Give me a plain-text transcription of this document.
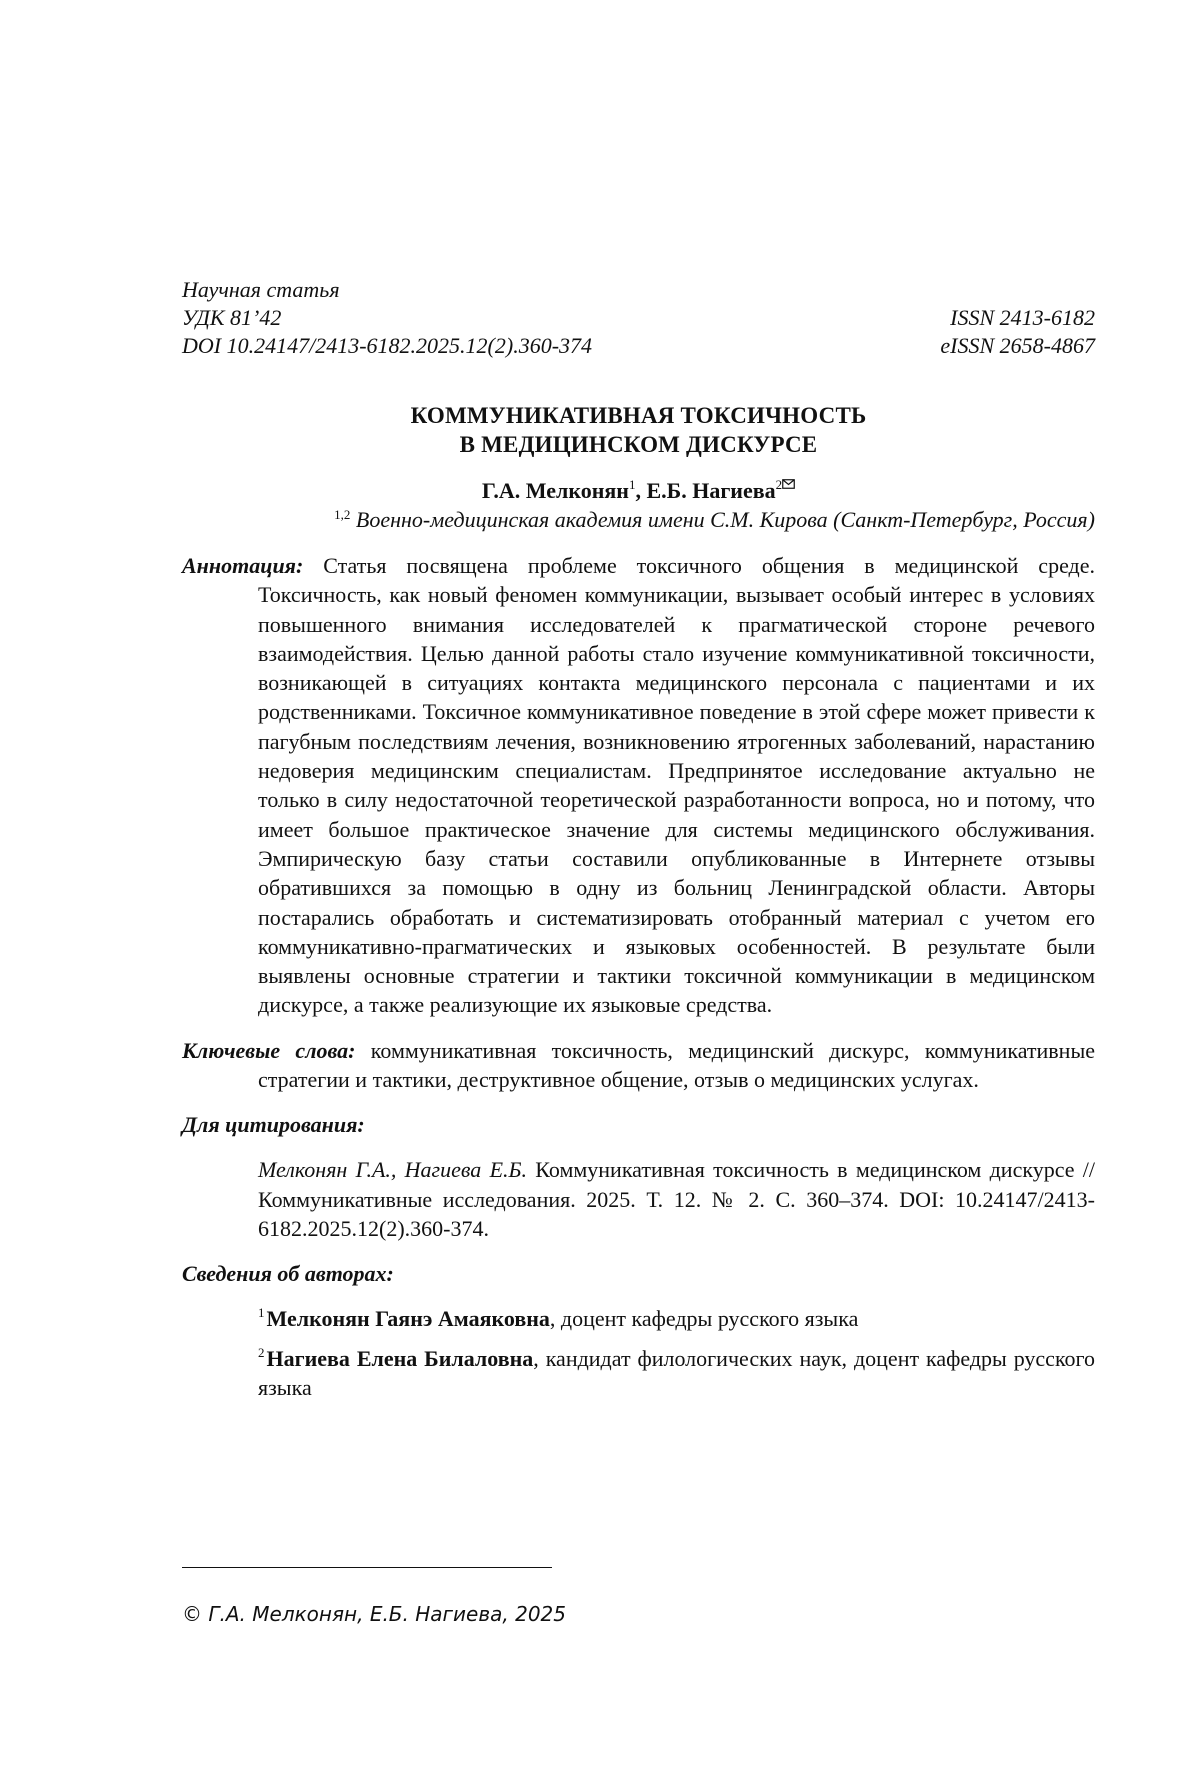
Научная статья
УДК 81’42	ISSN 2413-6182
DOI 10.24147/2413-6182.2025.12(2).360-374	eISSN 2658-4867
КОММУНИКАТИВНАЯ ТОКСИЧНОСТЬ
В МЕДИЦИНСКОМ ДИСКУРСЕ
Г.А. Мелконян$^1$, Е.Б. Нагиева$^2$
$^{1,2}$ Военно-медицинская академия имени С.М. Кирова (Санкт-Петербург, Россия)
Аннотация: Статья посвящена проблеме токсичного общения в медицинской среде. Токсичность, как новый феномен коммуникации, вызывает особый интерес в условиях повышенного внимания исследователей к прагматической стороне речевого взаимодействия. Целью данной работы стало изучение коммуникативной токсичности, возникающей в ситуациях контакта медицинского персонала с пациентами и их родственниками. Токсичное коммуникативное поведение в этой сфере может привести к пагубным последствиям лечения, возникновению ятрогенных заболеваний, нарастанию недоверия медицинским специалистам. Предпринятое исследование актуально не только в силу недостаточной теоретической разработанности вопроса, но и потому, что имеет большое практическое значение для системы медицинского обслуживания. Эмпирическую базу статьи составили опубликованные в Интернете отзывы обратившихся за помощью в одну из больниц Ленинградской области. Авторы постарались обработать и систематизировать отобранный материал с учетом его коммуникативно-прагматических и языковых особенностей. В результате были выявлены основные стратегии и тактики токсичной коммуникации в медицинском дискурсе, а также реализующие их языковые средства.
Ключевые слова: коммуникативная токсичность, медицинский дискурс, коммуникативные стратегии и тактики, деструктивное общение, отзыв о медицинских услугах.
Для цитирования:
Мелконян Г.А., Нагиева Е.Б. Коммуникативная токсичность в медицинском дискурсе // Коммуникативные исследования. 2025. Т. 12. № 2. С. 360–374. DOI: 10.24147/2413-6182.2025.12(2).360-374.
Сведения об авторах:
$^1$Мелконян Гаянэ Амаяковна, доцент кафедры русского языка
$^2$Нагиева Елена Билаловна, кандидат филологических наук, доцент кафедры русского языка
© Г.А. Мелконян, Е.Б. Нагиева, 2025
